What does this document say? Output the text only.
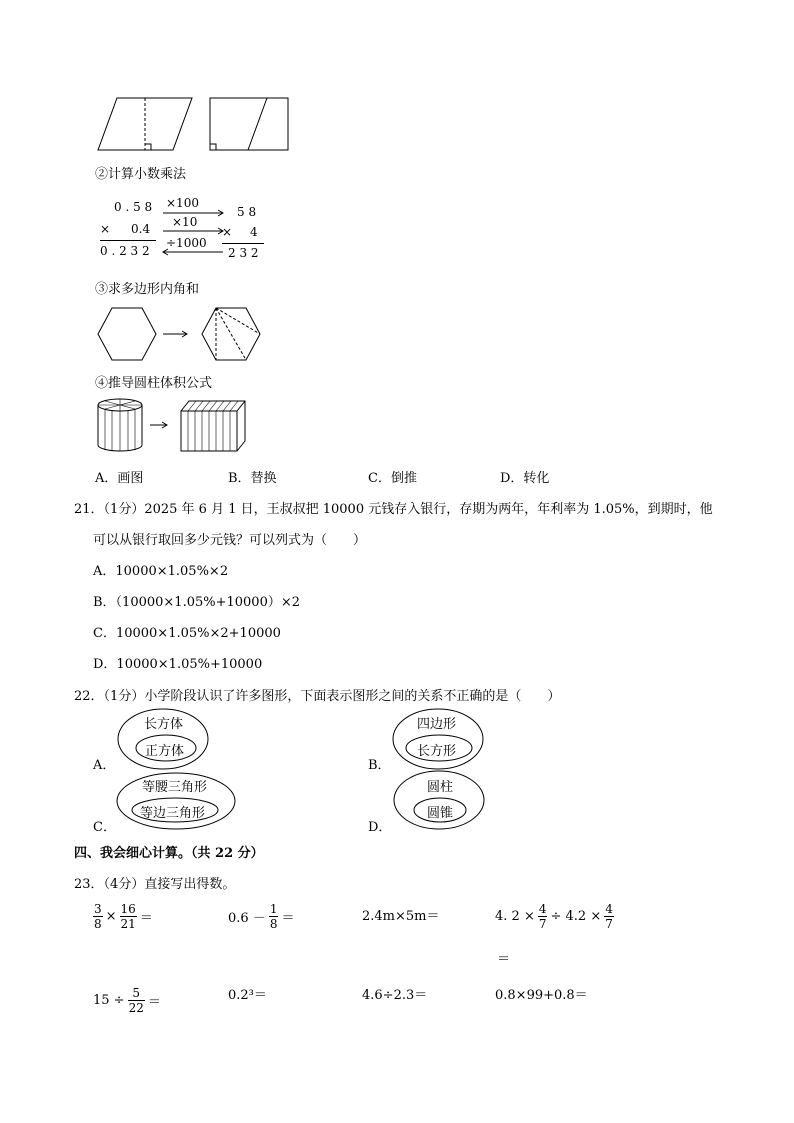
②计算小数乘法
0 . 5 8
× 0.4
0 . 2 3 2
×100
×10
÷1000
5 8
× 4
2 3 2
③求多边形内角和
④推导圆柱体积公式
A．画图	B．替换	C．倒推	D．转化
21．（1分）2025 年 6 月 1 日，王叔叔把 10000 元钱存入银行，存期为两年，年利率为 1.05%，到期时，他
可以从银行取回多少元钱？可以列式为（　　）
A．10000×1.05%×2
B．（10000×1.05%+10000）×2
C．10000×1.05%×2+10000
D．10000×1.05%+10000
22．（1分）小学阶段认识了许多图形，下面表示图形之间的关系不正确的是（　　）
A．
长方体
正方体
B．
四边形
长方形
C．
等腰三角形
等边三角形
D．
圆柱
圆锥
四、我会细心计算。（共 22 分）
23．（4分）直接写出得数。
$\frac{3}{8} \times \frac{16}{21}$ ＝	$0.6 - \frac{1}{8}$ ＝	2.4m×5m＝	4. $2 \times \frac{4}{7} \div 4.2 \times \frac{4}{7}$
＝
$15 \div \frac{5}{22}$ ＝	0.2³＝	4.6÷2.3＝	0.8×99+0.8＝
